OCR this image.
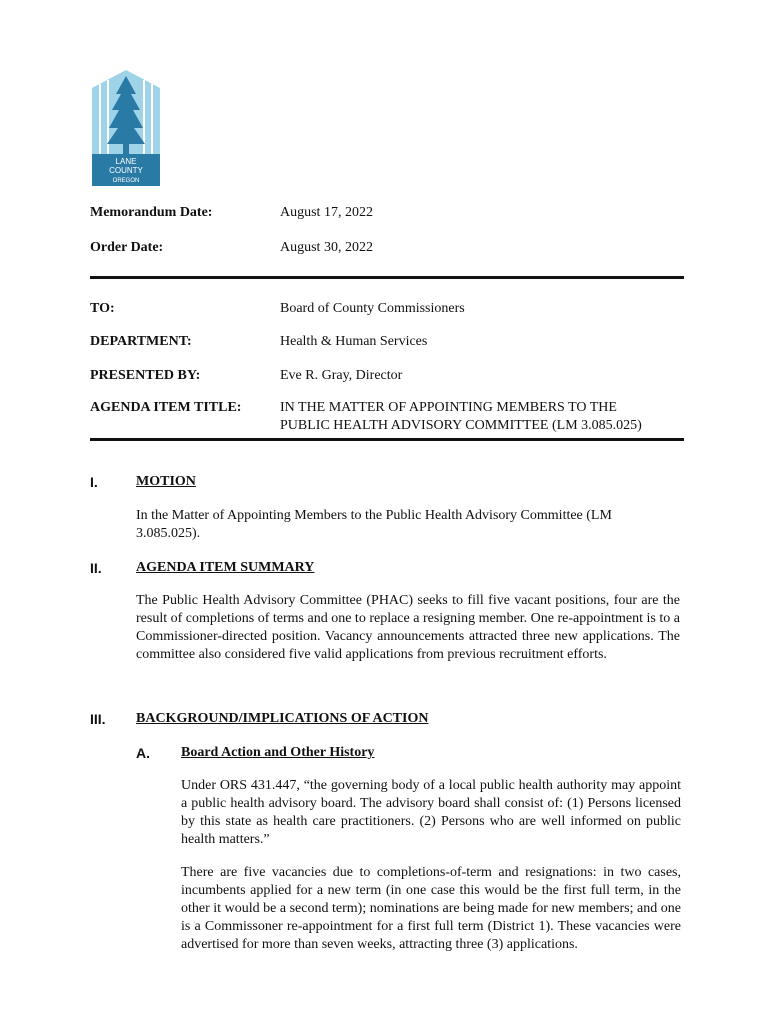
LANE
COUNTY
OREGON
Memorandum Date:	August 17, 2022
Order Date:	August 30, 2022
TO:	Board of County Commissioners
DEPARTMENT:	Health & Human Services
PRESENTED BY:	Eve R. Gray, Director
AGENDA ITEM TITLE:	IN THE MATTER OF APPOINTING MEMBERS TO THE
PUBLIC HEALTH ADVISORY COMMITTEE (LM 3.085.025)
I.	MOTION
In the Matter of Appointing Members to the Public Health Advisory Committee (LM 3.085.025).
II. AGENDA ITEM SUMMARY
The Public Health Advisory Committee (PHAC) seeks to fill five vacant positions, four are the result of completions of terms and one to replace a resigning member. One re-appointment is to a Commissioner-directed position. Vacancy announcements attracted three new applications. The committee also considered five valid applications from previous recruitment efforts.
III. BACKGROUND/IMPLICATIONS OF ACTION
A. Board Action and Other History
Under ORS 431.447, “the governing body of a local public health authority may appoint a public health advisory board. The advisory board shall consist of: (1) Persons licensed by this state as health care practitioners. (2) Persons who are well informed on public health matters.”
There are five vacancies due to completions-of-term and resignations: in two cases, incumbents applied for a new term (in one case this would be the first full term, in the other it would be a second term); nominations are being made for new members; and one is a Commissoner re-appointment for a first full term (District 1). These vacancies were advertised for more than seven weeks, attracting three (3) applications.
